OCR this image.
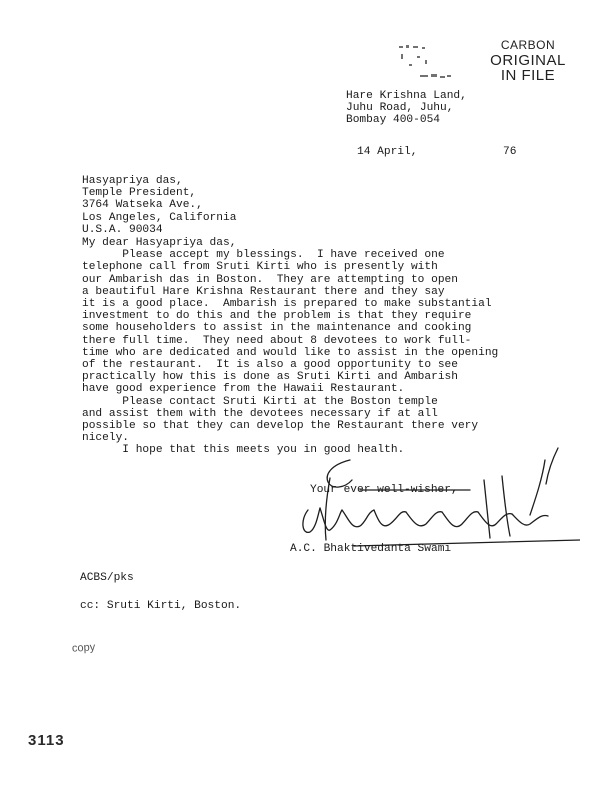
CARBON
ORIGINAL
IN FILE
Hare Krishna Land,
Juhu Road, Juhu,
Bombay 400-054
14 April,	76
Hasyapriya das,
Temple President,
3764 Watseka Ave.,
Los Angeles, California
U.S.A. 90034
My dear Hasyapriya das,
Please accept my blessings.  I have received one
telephone call from Sruti Kirti who is presently with
our Ambarish das in Boston.  They are attempting to open
a beautiful Hare Krishna Restaurant there and they say
it is a good place.  Ambarish is prepared to make substantial
investment to do this and the problem is that they require
some householders to assist in the maintenance and cooking
there full time.  They need about 8 devotees to work full-
time who are dedicated and would like to assist in the opening
of the restaurant.  It is also a good opportunity to see
practically how this is done as Sruti Kirti and Ambarish
have good experience from the Hawaii Restaurant.
Please contact Sruti Kirti at the Boston temple
and assist them with the devotees necessary if at all
possible so that they can develop the Restaurant there very
nicely.
I hope that this meets you in good health.
Your ever well-wisher,
A.C. Bhaktivedanta Swami
ACBS/pks
cc: Sruti Kirti, Boston.
copy
3113
